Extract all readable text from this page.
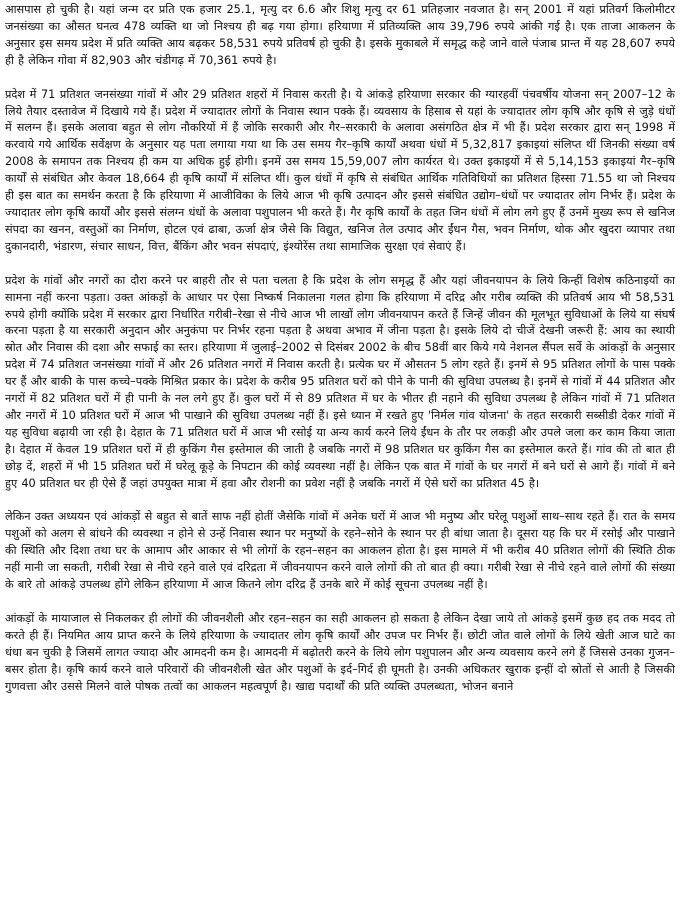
आसपास हो चुकी है। यहां जन्म दर प्रति एक हजार 25.1, मृत्यु दर 6.6 और शिशु मृत्यु दर 61 प्रतिहजार नवजात है। सन् 2001 में यहां प्रतिवर्ग किलोमीटर जनसंख्या का औसत घनत्व 478 व्यक्ति था जो निश्चय ही बढ़ गया होगा। हरियाणा में प्रतिव्यक्ति आय 39,796 रुपये आंकी गई है। एक ताजा आकलन के अनुसार इस समय प्रदेश में प्रति व्यक्ति आय बढ़कर 58,531 रुपये प्रतिवर्ष हो चुकी है। इसके मुकाबले में समृद्ध कहे जाने वाले पंजाब प्रान्त में यह 28,607 रुपये ही है लेकिन गोवा में 82,903 और चंडीगढ़ में 70,361 रुपये है।

प्रदेश में 71 प्रतिशत जनसंख्या गांवों में और 29 प्रतिशत शहरों में निवास करती है। ये आंकड़े हरियाणा सरकार की ग्यारहवीं पंचवर्षीय योजना सन् 2007–12 के लिये तैयार दस्तावेज में दिखाये गये हैं। प्रदेश में ज्यादातर लोगों के निवास स्थान पक्के हैं। व्यवसाय के हिसाब से यहां के ज्यादातर लोग कृषि और कृषि से जुड़े धंधों में सलग्न हैं। इसके अलावा बहुत से लोग नौकरियों में हैं जोकि सरकारी और गैर–सरकारी के अलावा असंगठित क्षेत्र में भी हैं। प्रदेश सरकार द्वारा सन् 1998 में करवाये गये आर्थिक सर्वेक्षण के अनुसार यह पता लगाया गया था कि उस समय गैर–कृषि कार्यों अथवा धंधों में 5,32,817 इकाइयां संलिप्त थीं जिनकी संख्या वर्ष 2008 के समापन तक निश्चय ही कम या अधिक हुई होगी। इनमें उस समय 15,59,007 लोग कार्यरत थे। उक्त इकाइयों में से 5,14,153 इकाइयां गैर–कृषि कार्यों से संबंधित और केवल 18,664 ही कृषि कार्यों में संलिप्त थीं। कुल धंधों में कृषि से संबंधित आर्थिक गतिविधियों का प्रतिशत हिस्सा 71.55 था जो निश्चय ही इस बात का समर्थन करता है कि हरियाणा में आजीविका के लिये आज भी कृषि उत्पादन और इससे संबंधित उद्योग–धंधों पर ज्यादातर लोग निर्भर हैं। प्रदेश के ज्यादातर लोग कृषि कार्यों और इससे संलग्न धंधों के अलावा पशुपालन भी करते हैं। गैर कृषि कार्यों के तहत जिन धंधों में लोग लगे हुए हैं उनमें मुख्य रूप से खनिज संपदा का खनन, वस्तुओं का निर्माण, होटल एवं ढाबा, ऊर्जा क्षेत्र जैसे कि विद्युत, खनिज तेल उत्पाद और ईंधन गैस, भवन निर्माण, थोक और खुदरा व्यापार तथा दुकानदारी, भंडारण, संचार साधन, वित्त, बैंकिंग और भवन संपदाएं, इंश्योरेंस तथा सामाजिक सुरक्षा एवं सेवाएं हैं।

प्रदेश के गांवों और नगरों का दौरा करने पर बाहरी तौर से पता चलता है कि प्रदेश के लोग समृद्ध हैं और यहां जीवनयापन के लिये किन्हीं विशेष कठिनाइयों का सामना नहीं करना पड़ता। उक्त आंकड़ों के आधार पर ऐसा निष्कर्ष निकालना गलत होगा कि हरियाणा में दरिद्र और गरीब व्यक्ति की प्रतिवर्ष आय भी 58,531 रुपये होगी क्योंकि प्रदेश में सरकार द्वारा निर्धारित गरीबी–रेखा से नीचे आज भी लाखों लोग जीवनयापन करते हैं जिन्हें जीवन की मूलभूत सुविधाओं के लिये या संघर्ष करना पड़ता है या सरकारी अनुदान और अनुकंपा पर निर्भर रहना पड़ता है अथवा अभाव में जीना पड़ता है। इसके लिये दो चीजें देखनी जरूरी हैं: आय का स्थायी स्रोत और निवास की दशा और सफाई का स्तर। हरियाणा में जुलाई–2002 से दिसंबर 2002 के बीच 58वीं बार किये गये नेशनल सैंपल सर्वे के आंकड़ों के अनुसार प्रदेश में 74 प्रतिशत जनसंख्या गांवों में और 26 प्रतिशत नगरों में निवास करती है। प्रत्येक घर में औसतन 5 लोग रहते हैं। इनमें से 95 प्रतिशत लोगों के पास पक्के घर हैं और बाकी के पास कच्चे–पक्के मिश्रित प्रकार के। प्रदेश के करीब 95 प्रतिशत घरों को पीने के पानी की सुविधा उपलब्ध है। इनमें से गांवों में 44 प्रतिशत और नगरों में 82 प्रतिशत घरों में ही पानी के नल लगे हुए हैं। कुल घरों में से 89 प्रतिशत में घर के भीतर ही नहाने की सुविधा उपलब्ध है लेकिन गांवों में 71 प्रतिशत और नगरों में 10 प्रतिशत घरों में आज भी पाखाने की सुविधा उपलब्ध नहीं हैं। इसे ध्यान में रखते हुए 'निर्मल गांव योजना' के तहत सरकारी सब्सीडी देकर गांवों में यह सुविधा बढ़ायी जा रही है। देहात के 71 प्रतिशत घरों में आज भी रसोई या अन्य कार्य करने लिये ईंधन के तौर पर लकड़ी और उपले जला कर काम किया जाता है। देहात में केवल 19 प्रतिशत घरों में ही कुकिंग गैस इस्तेमाल की जाती है जबकि नगरों में 98 प्रतिशत घर कुकिंग गैस का इस्तेमाल करते हैं। गांव की तो बात ही छोड़ दें, शहरों में भी 15 प्रतिशत घरों में घरेलू कूड़े के निपटान की कोई व्यवस्था नहीं है। लेकिन एक बात में गांवों के घर नगरों में बने घरों से आगे हैं। गांवों में बने हुए 40 प्रतिशत घर ही ऐसे हैं जहां उपयुक्त मात्रा में हवा और रोशनी का प्रवेश नहीं है जबकि नगरों में ऐसे घरों का प्रतिशत 45 है।

लेकिन उक्त अध्ययन एवं आंकड़ों से बहुत से बातें साफ नहीं होतीं जैसेकि गांवों में अनेक घरों में आज भी मनुष्य और घरेलू पशुओं साथ–साथ रहते हैं। रात के समय पशुओं को अलग से बांधने की व्यवस्था न होने से उन्हें निवास स्थान पर मनुष्यों के रहने–सोने के स्थान पर ही बांधा जाता है। दूसरा यह कि घर में रसोई और पाखाने की स्थिति और दिशा तथा घर के आमाप और आकार से भी लोगों के रहन–सहन का आकलन होता है। इस मामले में भी करीब 40 प्रतिशत लोगों की स्थिति ठीक नहीं मानी जा सकती, गरीबी रेखा से नीचे रहने वाले एवं दरिद्रता में जीवनयापन करने वाले लोगों की तो बात ही क्या। गरीबी रेखा से नीचे रहने वाले लोगों की संख्या के बारे तो आंकड़े उपलब्ध होंगे लेकिन हरियाणा में आज कितने लोग दरिद्र हैं उनके बारे में कोई सूचना उपलब्ध नहीं है।

आंकड़ों के मायाजाल से निकलकर ही लोगों की जीवनशैली और रहन–सहन का सही आकलन हो सकता है लेकिन देखा जाये तो आंकड़े इसमें कुछ हद तक मदद तो करते ही हैं। नियमित आय प्राप्त करने के लिये हरियाणा के ज्यादातर लोग कृषि कार्यों और उपज पर निर्भर हैं। छोटी जोत वाले लोगों के लिये खेती आज घाटे का धंधा बन चुकी है जिसमें लागत ज्यादा और आमदनी कम है। आमदनी में बढ़ोतरी करने के लिये लोग पशुपालन और अन्य व्यवसाय करने लगे हैं जिससे उनका गुजन–बसर होता है। कृषि कार्य करने वाले परिवारों की जीवनशैली खेत और पशुओं के इर्द–गिर्द ही घूमती है। उनकी अधिकतर खुराक इन्हीं दो स्रोतों से आती है जिसकी गुणवत्ता और उससे मिलने वाले पोषक तत्वों का आकलन महत्वपूर्ण है। खाद्य पदार्थों की प्रति व्यक्ति उपलब्धता, भोजन बनाने
